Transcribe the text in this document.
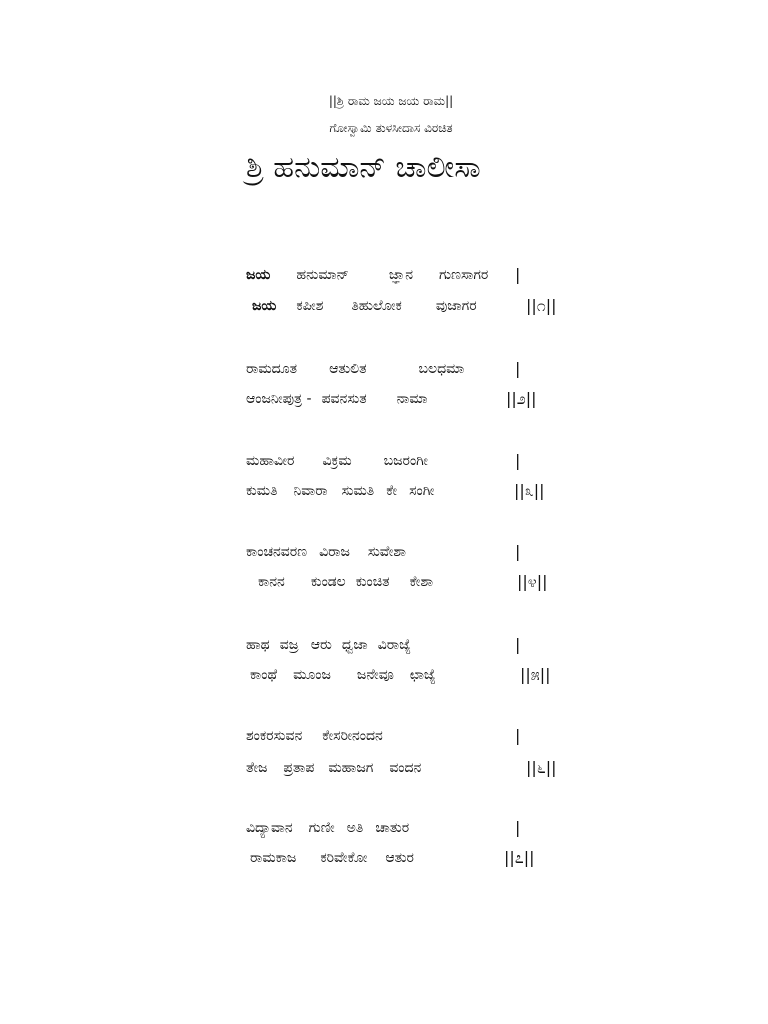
||ಶ್ರಿ ರಾಮ ಜಯ ಜಯ ರಾಮ||
ಗೋಸ್ವಾಮಿ ತುಳಸೀದಾಸ ವಿರಚಿತ
ಶ್ರಿ ಹನುಮಾನ್ ಚಾಲೀಸಾ
ಜಯ ಹನುಮಾನ್	ಜ್ಞಾನ ಗುಣಸಾಗರ |
ಜಯ ಕಪೀಶ ತಿಹುಲೋಕ ವುಜಾಗರ	||೧||
ರಾಮದೂತ ಆತುಲಿತ	ಬಲಧಮಾ	|
ಆಂಜನೀಪುತ್ರ - ಪವನಸುತ ನಾಮಾ	||೨||
ಮಹಾವೀರ ವಿಕ್ರಮ ಬಜರಂಗೀ	|
ಕುಮತಿ ನಿವಾರಾ ಸುಮತಿ ಕೇ ಸಂಗೀ	||೩||
ಕಾಂಚನವರಣ ವಿರಾಜ ಸುವೇಶಾ	|
ಕಾನನ ಕುಂಡಲ ಕುಂಚಿತ ಕೇಶಾ	||೪||
ಹಾಥ ವಜ್ರ ಆರು ಧ್ವಜಾ ವಿರಾಜ್ಯೆ	|
ಕಾಂಥೆ ಮೂಂಜ ಜನೇವೂ ಛಾಜ್ಯೆ	||೫||
ಶಂಕರಸುವನ ಕೇಸರೀನಂದನ	|
ತೇಜ ಪ್ರತಾಪ ಮಹಾಜಗ ವಂದನ	||೬||
ವಿದ್ಯಾವಾನ ಗುಣೀ ಅತಿ ಚಾತುರ	|
ರಾಮಕಾಜ ಕರಿವೇಕೋ ಆತುರ	||೭||
